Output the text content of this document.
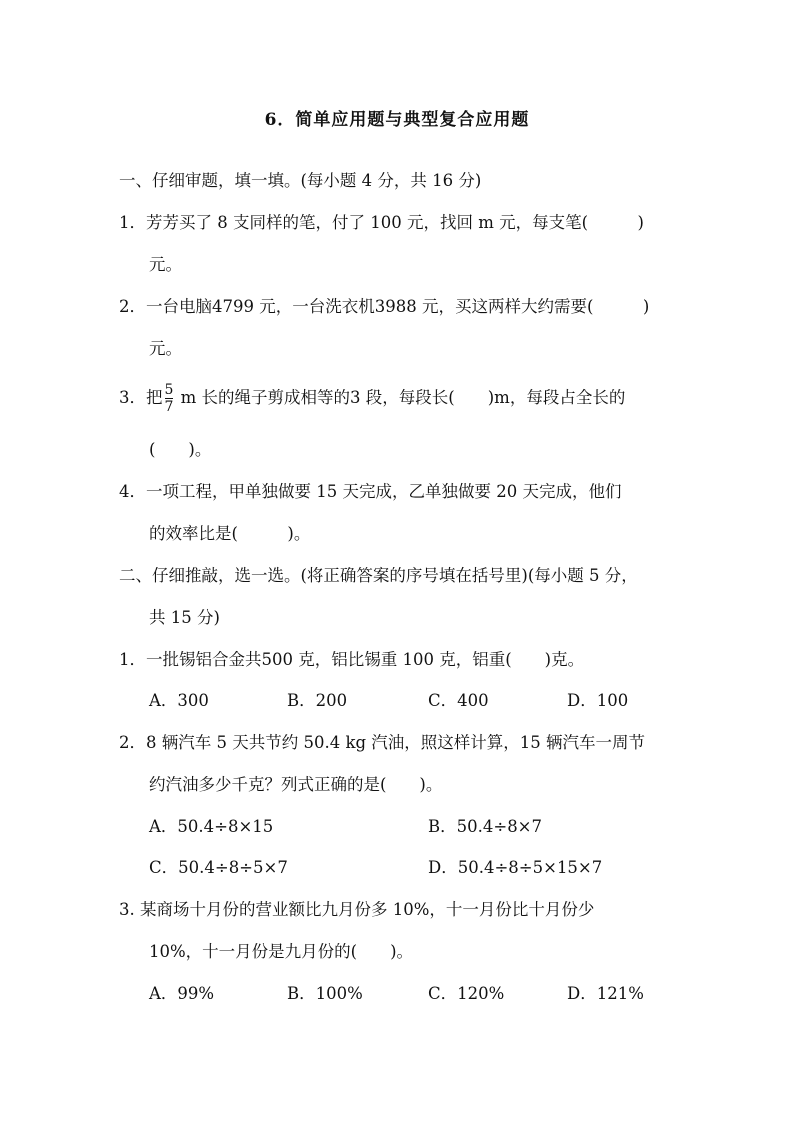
6．简单应用题与典型复合应用题
一、仔细审题，填一填。(每小题 4 分，共 16 分)
1．芳芳买了 8 支同样的笔，付了 100 元，找回 m 元，每支笔(　　　)
元。
2．一台电脑4799 元，一台洗衣机3988 元，买这两样大约需要(　　　)
元。
3．把 $\frac{5}{7}$ m 长的绳子剪成相等的3 段，每段长(　　)m，每段占全长的
(　　)。
4．一项工程，甲单独做要 15 天完成，乙单独做要 20 天完成，他们
的效率比是(　　　)。
二、仔细推敲，选一选。(将正确答案的序号填在括号里)(每小题 5 分，
共 15 分)
1．一批锡铝合金共500 克，铝比锡重 100 克，铝重(　　)克。
A．300	B．200	C．400	D．100
2．8 辆汽车 5 天共节约 50.4 kg 汽油，照这样计算，15 辆汽车一周节
约汽油多少千克？列式正确的是(　　)。
A．50.4÷8×15	B．50.4÷8×7
C．50.4÷8÷5×7	D．50.4÷8÷5×15×7
3. 某商场十月份的营业额比九月份多 10%，十一月份比十月份少
10%，十一月份是九月份的(　　)。
A．99%	B．100%	C．120%	D．121%
